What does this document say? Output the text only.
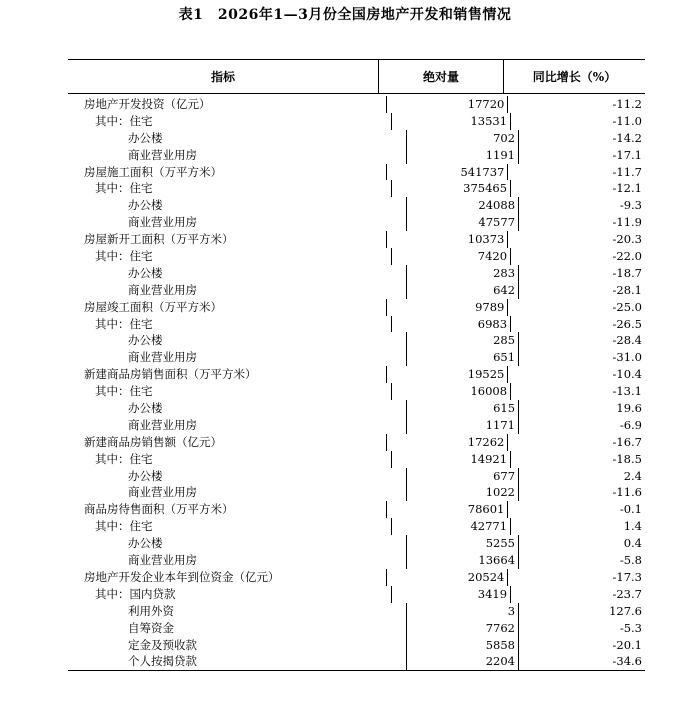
表1　2026年1—3月份全国房地产开发和销售情况
指标	绝对量	同比增长（%）
房地产开发投资（亿元）	17720	-11.2
其中：住宅	13531	-11.0
办公楼	702	-14.2
商业营业用房	1191	-17.1
房屋施工面积（万平方米）	541737	-11.7
其中：住宅	375465	-12.1
办公楼	24088	-9.3
商业营业用房	47577	-11.9
房屋新开工面积（万平方米）	10373	-20.3
其中：住宅	7420	-22.0
办公楼	283	-18.7
商业营业用房	642	-28.1
房屋竣工面积（万平方米）	9789	-25.0
其中：住宅	6983	-26.5
办公楼	285	-28.4
商业营业用房	651	-31.0
新建商品房销售面积（万平方米）	19525	-10.4
其中：住宅	16008	-13.1
办公楼	615	19.6
商业营业用房	1171	-6.9
新建商品房销售额（亿元）	17262	-16.7
其中：住宅	14921	-18.5
办公楼	677	2.4
商业营业用房	1022	-11.6
商品房待售面积（万平方米）	78601	-0.1
其中：住宅	42771	1.4
办公楼	5255	0.4
商业营业用房	13664	-5.8
房地产开发企业本年到位资金（亿元）	20524	-17.3
其中：国内贷款	3419	-23.7
利用外资	3	127.6
自筹资金	7762	-5.3
定金及预收款	5858	-20.1
个人按揭贷款	2204	-34.6
